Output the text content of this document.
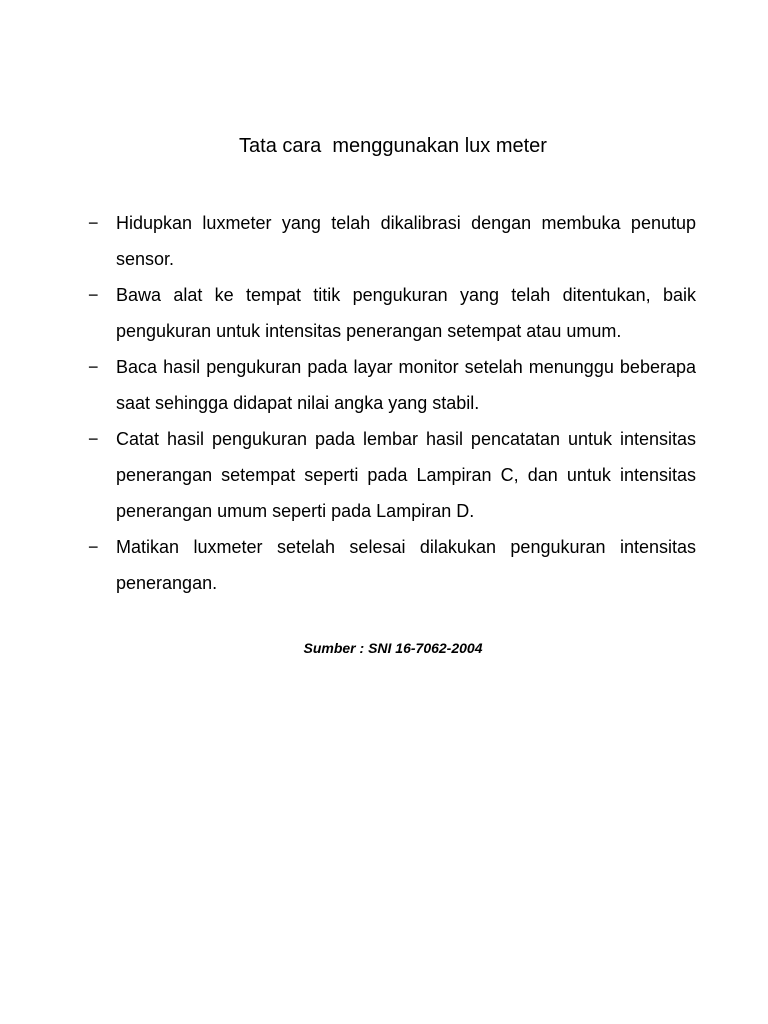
Tata cara  menggunakan lux meter
− Hidupkan luxmeter yang telah dikalibrasi dengan membuka penutup sensor.
− Bawa alat ke tempat titik pengukuran yang telah ditentukan, baik pengukuran untuk intensitas penerangan setempat atau umum.
− Baca hasil pengukuran pada layar monitor setelah menunggu beberapa saat sehingga didapat nilai angka yang stabil.
− Catat hasil pengukuran pada lembar hasil pencatatan untuk intensitas penerangan setempat seperti pada Lampiran C, dan untuk intensitas penerangan umum seperti pada Lampiran D.
− Matikan luxmeter setelah selesai dilakukan pengukuran intensitas penerangan.
Sumber : SNI 16-7062-2004
